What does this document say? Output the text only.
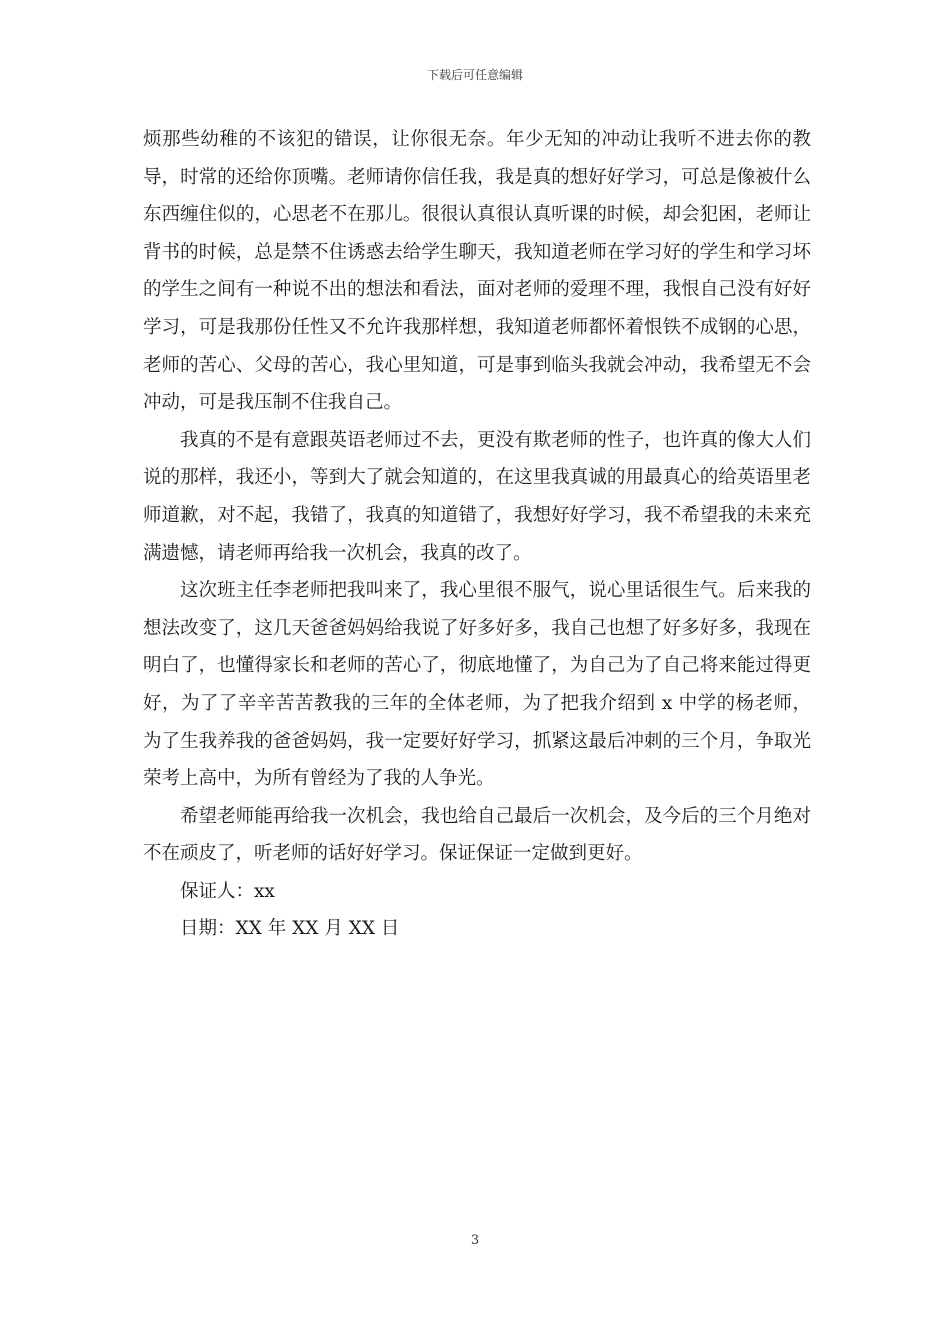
下载后可任意编辑

烦那些幼稚的不该犯的错误，让你很无奈。年少无知的冲动让我听不进去你的教导，时常的还给你顶嘴。老师请你信任我，我是真的想好好学习，可总是像被什么东西缠住似的，心思老不在那儿。很很认真很认真听课的时候，却会犯困，老师让背书的时候，总是禁不住诱惑去给学生聊天，我知道老师在学习好的学生和学习坏的学生之间有一种说不出的想法和看法，面对老师的爱理不理，我恨自己没有好好学习，可是我那份任性又不允许我那样想，我知道老师都怀着恨铁不成钢的心思，老师的苦心、父母的苦心，我心里知道，可是事到临头我就会冲动，我希望无不会冲动，可是我压制不住我自己。

我真的不是有意跟英语老师过不去，更没有欺老师的性子，也许真的像大人们说的那样，我还小，等到大了就会知道的，在这里我真诚的用最真心的给英语里老师道歉，对不起，我错了，我真的知道错了，我想好好学习，我不希望我的未来充满遗憾，请老师再给我一次机会，我真的改了。

这次班主任李老师把我叫来了，我心里很不服气，说心里话很生气。后来我的想法改变了，这几天爸爸妈妈给我说了好多好多，我自己也想了好多好多，我现在明白了，也懂得家长和老师的苦心了，彻底地懂了，为自己为了自己将来能过得更好，为了了辛辛苦苦教我的三年的全体老师，为了把我介绍到 x 中学的杨老师，为了生我养我的爸爸妈妈，我一定要好好学习，抓紧这最后冲刺的三个月，争取光荣考上高中，为所有曾经为了我的人争光。

希望老师能再给我一次机会，我也给自己最后一次机会，及今后的三个月绝对不在顽皮了，听老师的话好好学习。保证保证一定做到更好。

保证人：xx

日期：XX 年 XX 月 XX 日

3
